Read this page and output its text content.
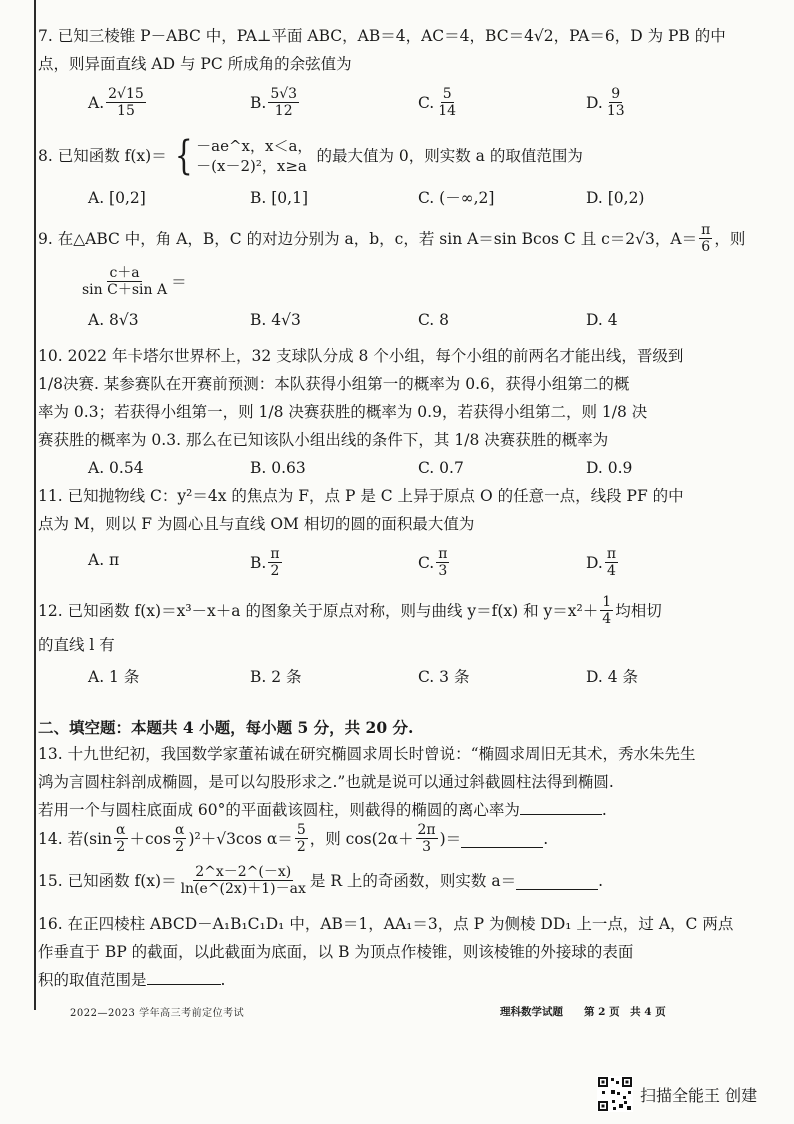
7. 已知三棱锥 P－ABC 中，PA⊥平面 ABC，AB＝4，AC＝4，BC＝4√2，PA＝6，D 为 PB 的中
点，则异面直线 AD 与 PC 所成角的余弦值为
A. $\frac{2√15}{15}$	B. $\frac{5√3}{12}$	C. $\frac{5}{14}$	D. $\frac{9}{13}$
8. 已知函数 f(x)＝ { －ae^x，x＜a，
－(x－2)²，x≥a
的最大值为 0，则实数 a 的取值范围为
A. [0,2]	B. [0,1]	C. (－∞,2]	D. [0,2)
9. 在△ABC 中，角 A，B，C 的对边分别为 a，b，c，若 sin A＝sin Bcos C 且 c＝2√3，$A= \frac{\pi}{6}$ ，则
$\frac{c+a}{\text{sin C＋sin A}}$ ＝
A. 8√3	B. 4√3	C. 8	D. 4
10. 2022 年卡塔尔世界杯上，32 支球队分成 8 个小组，每个小组的前两名才能出线，晋级到
1/8决赛. 某参赛队在开赛前预测：本队获得小组第一的概率为 0.6，获得小组第二的概
率为 0.3；若获得小组第一，则 1/8 决赛获胜的概率为 0.9，若获得小组第二，则 1/8 决
赛获胜的概率为 0.3. 那么在已知该队小组出线的条件下，其 1/8 决赛获胜的概率为
A. 0.54	B. 0.63	C. 0.7	D. 0.9
11. 已知抛物线 C：y²＝4x 的焦点为 F，点 P 是 C 上异于原点 O 的任意一点，线段 PF 的中
点为 M，则以 F 为圆心且与直线 OM 相切的圆的面积最大值为
A. π	B. $\frac{\pi}{2}$	C. $\frac{\pi}{3}$	D. $\frac{\pi}{4}$
12. 已知函数 f(x)＝x³－x＋a 的图象关于原点对称，则与曲线 y＝f(x) 和 $y=x^2+ \frac{1}{4}$ 均相切
的直线 l 有
A. 1 条	B. 2 条	C. 3 条	D. 4 条
二、填空题：本题共 4 小题，每小题 5 分，共 20 分.
13. 十九世纪初，我国数学家董祐诚在研究椭圆求周长时曾说：“椭圆求周旧无其术，秀水朱先生
鸿为言圆柱斜剖成椭圆，是可以勾股形求之.”也就是说可以通过斜截圆柱法得到椭圆.
若用一个与圆柱底面成 60°的平面截该圆柱，则截得的椭圆的离心率为	.
14. 若$(\sin \frac{\alpha}{2} +\cos \frac{\alpha}{2} )^2+√3\cos$ $\alpha= \frac{5}{2}$ ，则 $\cos(2\alpha+ \frac{2\pi}{3}$ )＝	.
15. 已知函数 $f(x)= \frac{2\^{}x-2\^{}(-x)}{\ln(e\^{}(2x)+1)-ax}$ 是 R 上的奇函数，则实数 a＝	.
16. 在正四棱柱 ABCD－A₁B₁C₁D₁ 中，AB＝1，AA₁＝3，点 P 为侧棱 DD₁ 上一点，过 A，C 两点
作垂直于 BP 的截面，以此截面为底面，以 B 为顶点作棱锥，则该棱锥的外接球的表面
积的取值范围是	.
2022—2023 学年高三考前定位考试	理科数学试题　　第 2 页　共 4 页
扫描全能王 创建
